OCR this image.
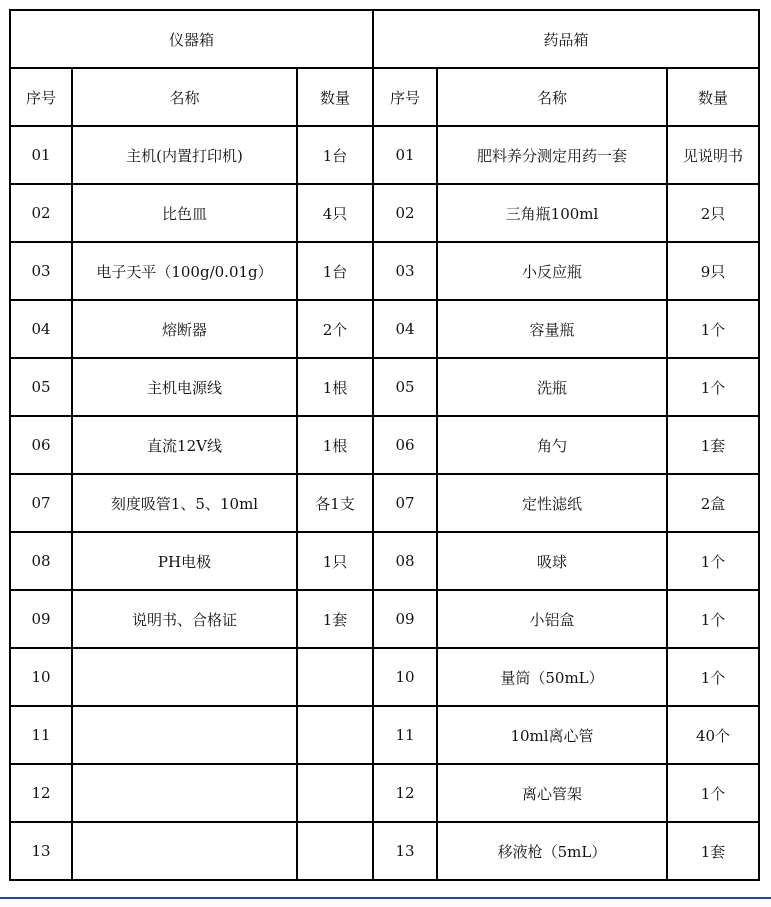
仪器箱			药品箱		
序号	名称	数量	序号	名称	数量
01	主机(内置打印机)	1台	01	肥料养分测定用药一套	见说明书
02	比色皿	4只	02	三角瓶100ml	2只
03	电子天平（100g/0.01g）	1台	03	小反应瓶	9只
04	熔断器	2个	04	容量瓶	1个
05	主机电源线	1根	05	洗瓶	1个
06	直流12V线	1根	06	角勺	1套
07	刻度吸管1、5、10ml	各1支	07	定性滤纸	2盒
08	PH电极	1只	08	吸球	1个
09	说明书、合格证	1套	09	小铝盒	1个
10			10	量筒（50mL）	1个
11			11	10ml离心管	40个
12			12	离心管架	1个
13			13	移液枪（5mL）	1套
